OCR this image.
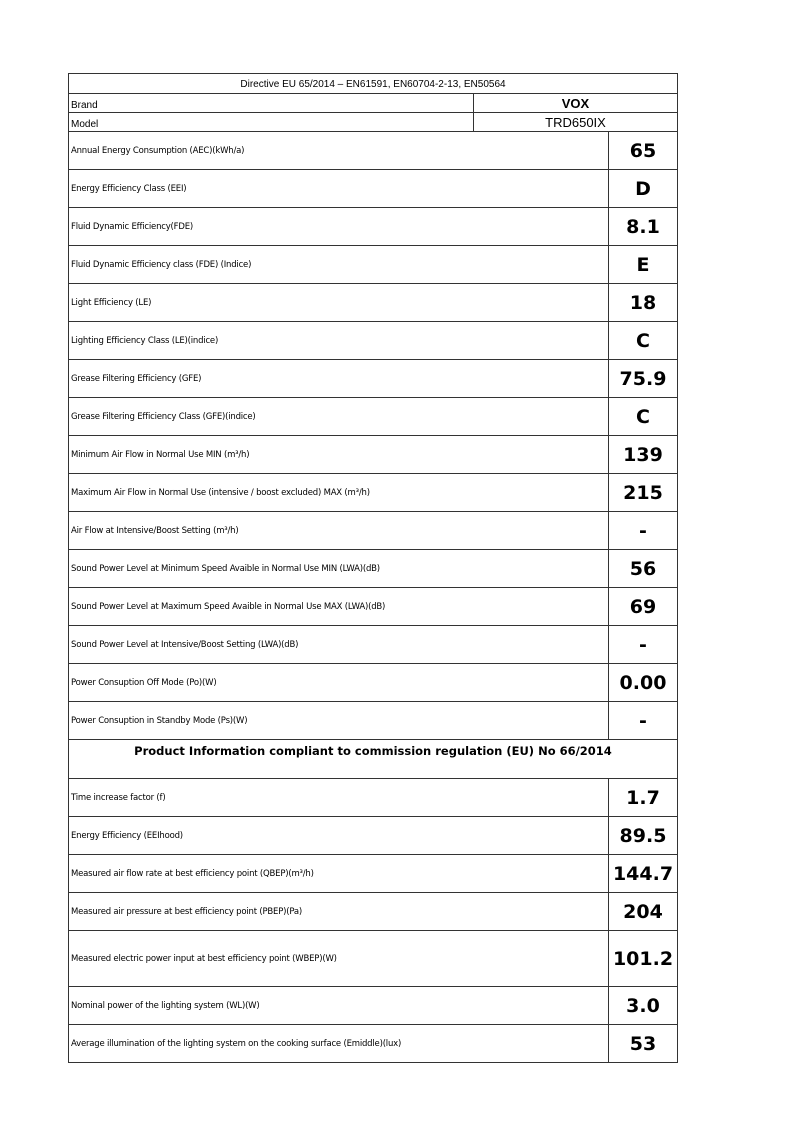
Directive EU 65/2014 – EN61591, EN60704-2-13, EN50564
Brand	VOX
Model	TRD650IX
Annual Energy Consumption (AEC)(kWh/a)	65
Energy Efficiency Class (EEI)	D
Fluid Dynamic Efficiency(FDE)	8.1
Fluid Dynamic Efficiency class (FDE) (Indice)	E
Light Efficiency (LE)	18
Lighting Efficiency Class (LE)(indice)	C
Grease Filtering Efficiency (GFE)	75.9
Grease Filtering Efficiency Class (GFE)(indice)	C
Minimum Air Flow in Normal Use MIN (m³/h)	139
Maximum Air Flow in Normal Use (intensive / boost excluded) MAX (m³/h)	215
Air Flow at Intensive/Boost Setting (m³/h)	-
Sound Power Level at Minimum Speed Avaible in Normal Use MIN (LWA)(dB)	56
Sound Power Level at Maximum Speed Avaible in Normal Use MAX (LWA)(dB)	69
Sound Power Level at Intensive/Boost Setting (LWA)(dB)	-
Power Consuption Off Mode (Po)(W)	0.00
Power Consuption in Standby Mode (Ps)(W)	-
Product Information compliant to commission regulation (EU) No 66/2014
Time increase factor (f)	1.7
Energy Efficiency (EEIhood)	89.5
Measured air flow rate at best efficiency point (QBEP)(m³/h)	144.7
Measured air pressure at best efficiency point (PBEP)(Pa)	204
Measured electric power input at best efficiency point (WBEP)(W)	101.2
Nominal power of the lighting system (WL)(W)	3.0
Average illumination of the lighting system on the cooking surface (Emiddle)(lux)	53
